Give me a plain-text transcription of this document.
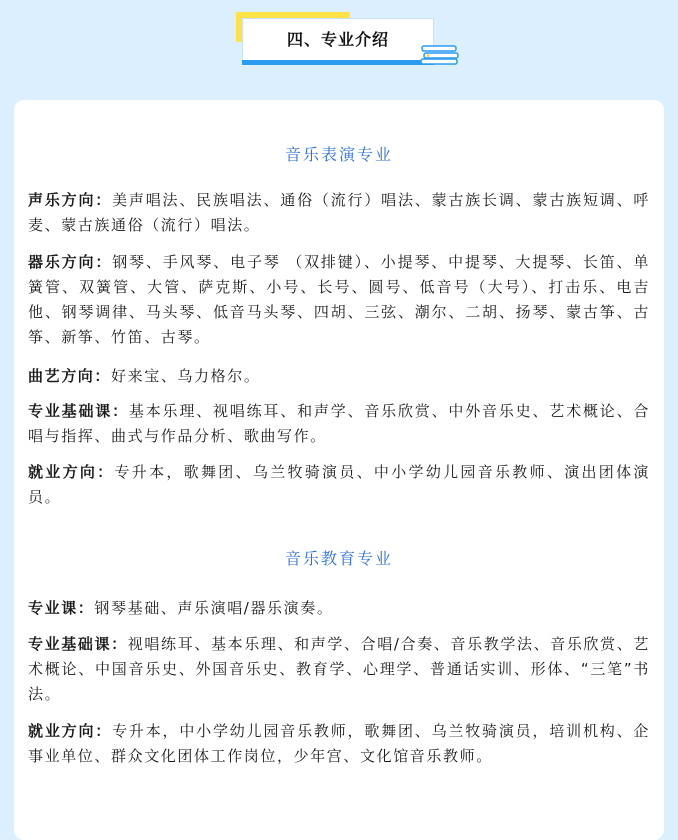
四、专业介绍
音乐表演专业
声乐方向：美声唱法、民族唱法、通俗（流行）唱法、蒙古族长调、蒙古族短调、呼麦、蒙古族通俗（流行）唱法。
器乐方向：钢琴、手风琴、电子琴 （双排键）、小提琴、中提琴、大提琴、长笛、单簧管、双簧管、大管、萨克斯、小号、长号、圆号、低音号（大号）、打击乐、电吉他、钢琴调律、马头琴、低音马头琴、四胡、三弦、潮尔、二胡、扬琴、蒙古筝、古筝、新筝、竹笛、古琴。
曲艺方向：好来宝、乌力格尔。
专业基础课：基本乐理、视唱练耳、和声学、音乐欣赏、中外音乐史、艺术概论、合唱与指挥、曲式与作品分析、歌曲写作。
就业方向：专升本，歌舞团、乌兰牧骑演员、中小学幼儿园音乐教师、演出团体演员。
音乐教育专业
专业课：钢琴基础、声乐演唱/器乐演奏。
专业基础课：视唱练耳、基本乐理、和声学、合唱/合奏、音乐教学法、音乐欣赏、艺术概论、中国音乐史、外国音乐史、教育学、心理学、普通话实训、形体、“三笔”书法。
就业方向：专升本，中小学幼儿园音乐教师，歌舞团、乌兰牧骑演员，培训机构、企事业单位、群众文化团体工作岗位，少年宫、文化馆音乐教师。
